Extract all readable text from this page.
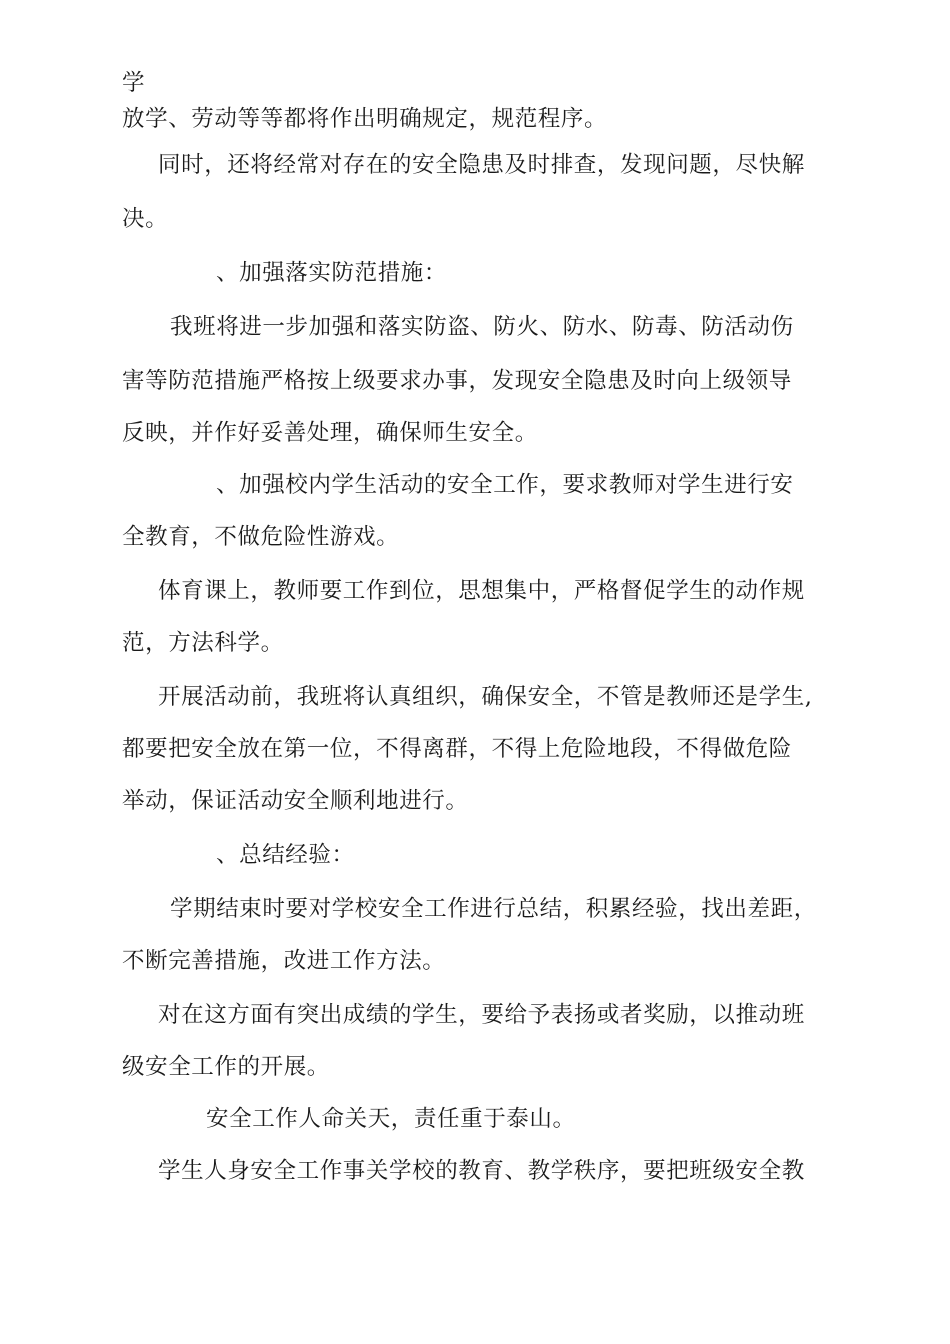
学
放学、劳动等等都将作出明确规定，规范程序。
同时，还将经常对存在的安全隐患及时排查，发现问题，尽快解
决。
、加强落实防范措施：
我班将进一步加强和落实防盗、防火、防水、防毒、防活动伤
害等防范措施严格按上级要求办事，发现安全隐患及时向上级领导
反映，并作好妥善处理，确保师生安全。
、加强校内学生活动的安全工作，要求教师对学生进行安
全教育，不做危险性游戏。
体育课上，教师要工作到位，思想集中，严格督促学生的动作规
范，方法科学。
开展活动前，我班将认真组织，确保安全，不管是教师还是学生,
都要把安全放在第一位，不得离群，不得上危险地段，不得做危险
举动，保证活动安全顺利地进行。
、总结经验：
学期结束时要对学校安全工作进行总结，积累经验，找出差距，
不断完善措施，改进工作方法。
对在这方面有突出成绩的学生，要给予表扬或者奖励，以推动班
级安全工作的开展。
安全工作人命关天，责任重于泰山。
学生人身安全工作事关学校的教育、教学秩序，要把班级安全教
